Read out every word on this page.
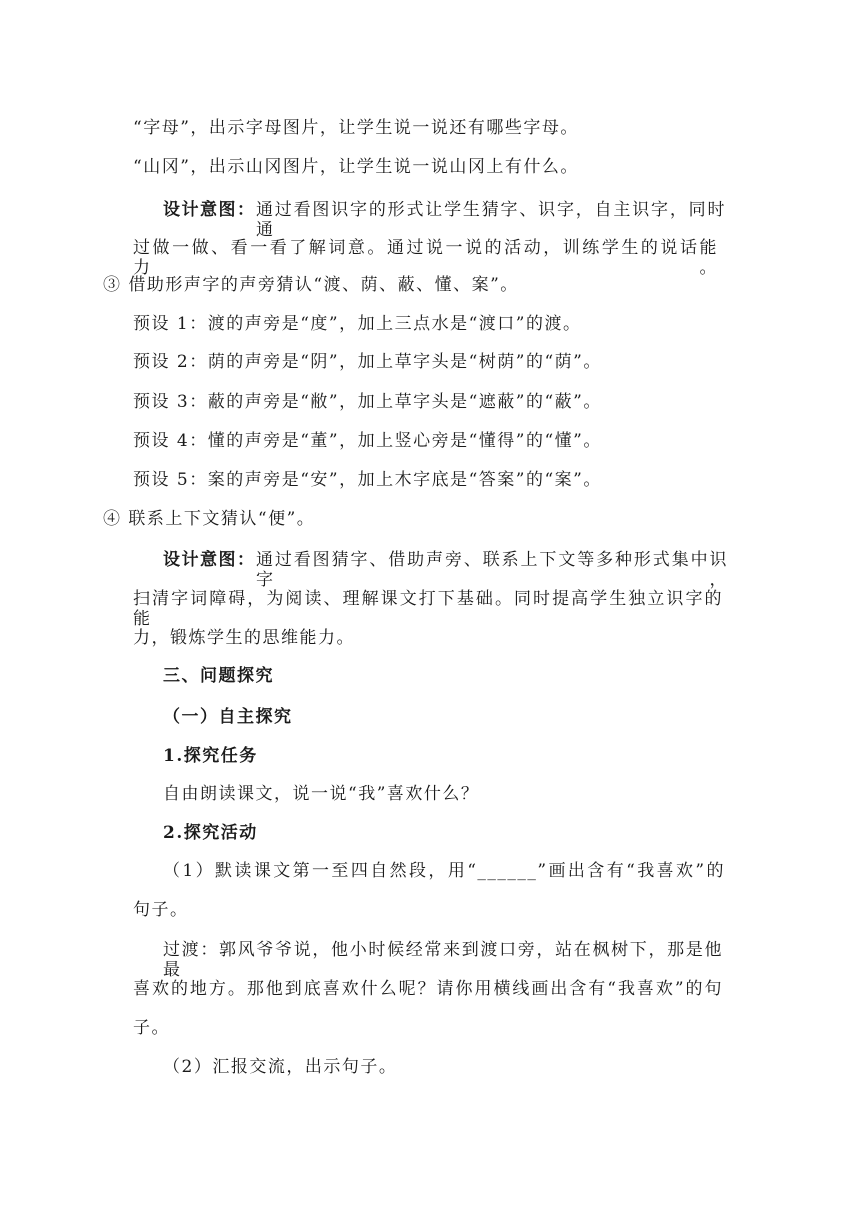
“字母”，出示字母图片，让学生说一说还有哪些字母。
“山冈”，出示山冈图片，让学生说一说山冈上有什么。
设计意图： 通过看图识字的形式让学生猜字、识字，自主识字，同时通
过做一做、看一看了解词意。通过说一说的活动，训练学生的说话能力。
③ 借助形声字的声旁猜认“渡、荫、蔽、懂、案”。
预设 1：渡的声旁是“度”，加上三点水是“渡口”的渡。
预设 2：荫的声旁是“阴”，加上草字头是“树荫”的“荫”。
预设 3：蔽的声旁是“敝”，加上草字头是“遮蔽”的“蔽”。
预设 4：懂的声旁是“董”，加上竖心旁是“懂得”的“懂”。
预设 5：案的声旁是“安”，加上木字底是“答案”的“案”。
④ 联系上下文猜认“便”。
设计意图： 通过看图猜字、借助声旁、联系上下文等多种形式集中识字，
扫清字词障碍，为阅读、理解课文打下基础。同时提高学生独立识字的能
力，锻炼学生的思维能力。
三、问题探究
（一）自主探究
1.探究任务
自由朗读课文，说一说“我”喜欢什么？
2.探究活动
（1）默读课文第一至四自然段，用“______”画出含有“我喜欢”的
句子。
过渡：郭风爷爷说，他小时候经常来到渡口旁，站在枫树下，那是他最
喜欢的地方。那他到底喜欢什么呢？请你用横线画出含有“我喜欢”的句
子。
（2）汇报交流，出示句子。
